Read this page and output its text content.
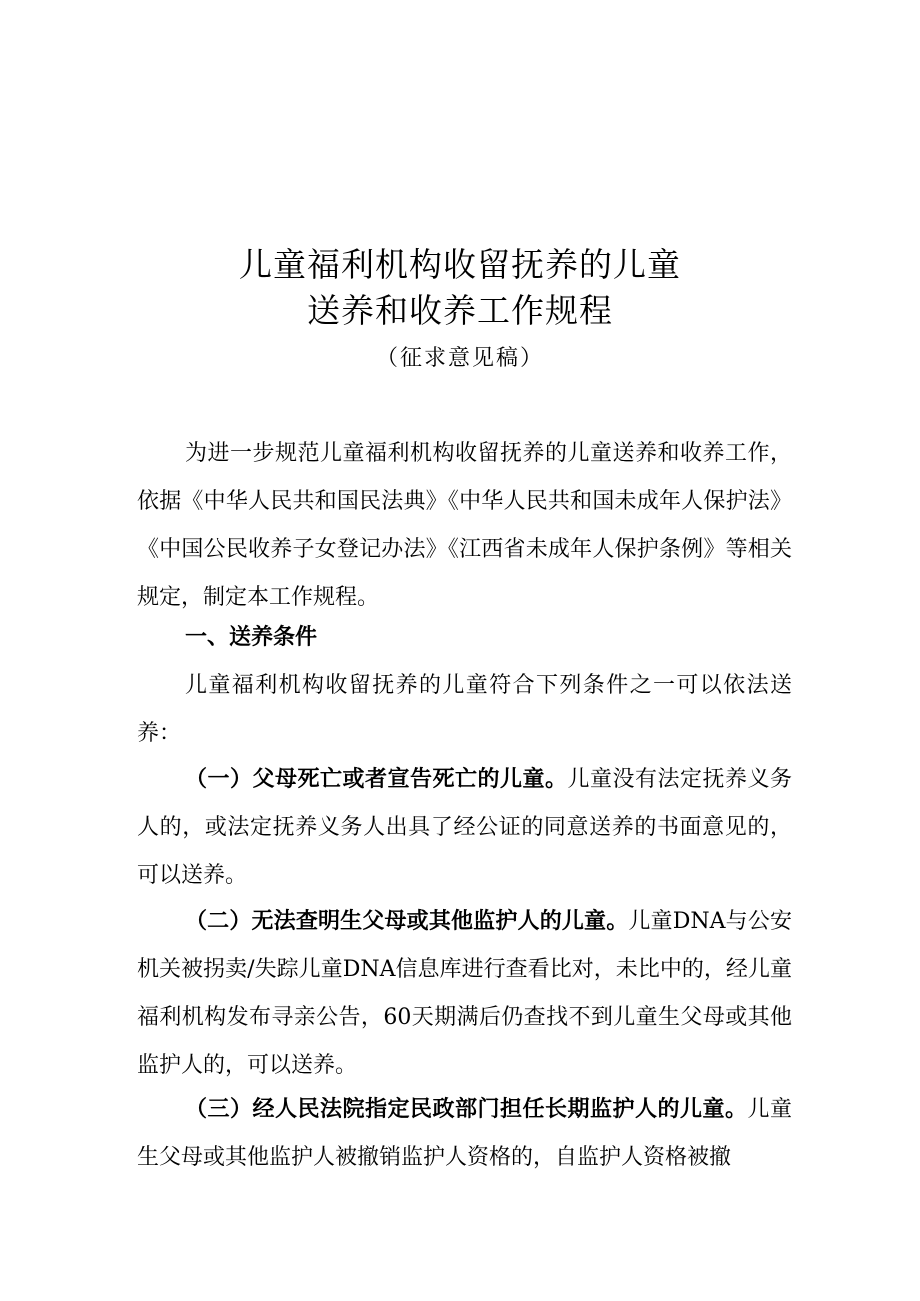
儿童福利机构收留抚养的儿童
送养和收养工作规程
（征求意见稿）

为进一步规范儿童福利机构收留抚养的儿童送养和收养工作，依据《中华人民共和国民法典》《中华人民共和国未成年人保护法》《中国公民收养子女登记办法》《江西省未成年人保护条例》等相关规定，制定本工作规程。

一、送养条件

儿童福利机构收留抚养的儿童符合下列条件之一可以依法送养：

（一）父母死亡或者宣告死亡的儿童。儿童没有法定抚养义务人的，或法定抚养义务人出具了经公证的同意送养的书面意见的，可以送养。

（二）无法查明生父母或其他监护人的儿童。儿童DNA与公安机关被拐卖/失踪儿童DNA信息库进行查看比对，未比中的，经儿童福利机构发布寻亲公告，60天期满后仍查找不到儿童生父母或其他监护人的，可以送养。

（三）经人民法院指定民政部门担任长期监护人的儿童。儿童生父母或其他监护人被撤销监护人资格的，自监护人资格被撤
